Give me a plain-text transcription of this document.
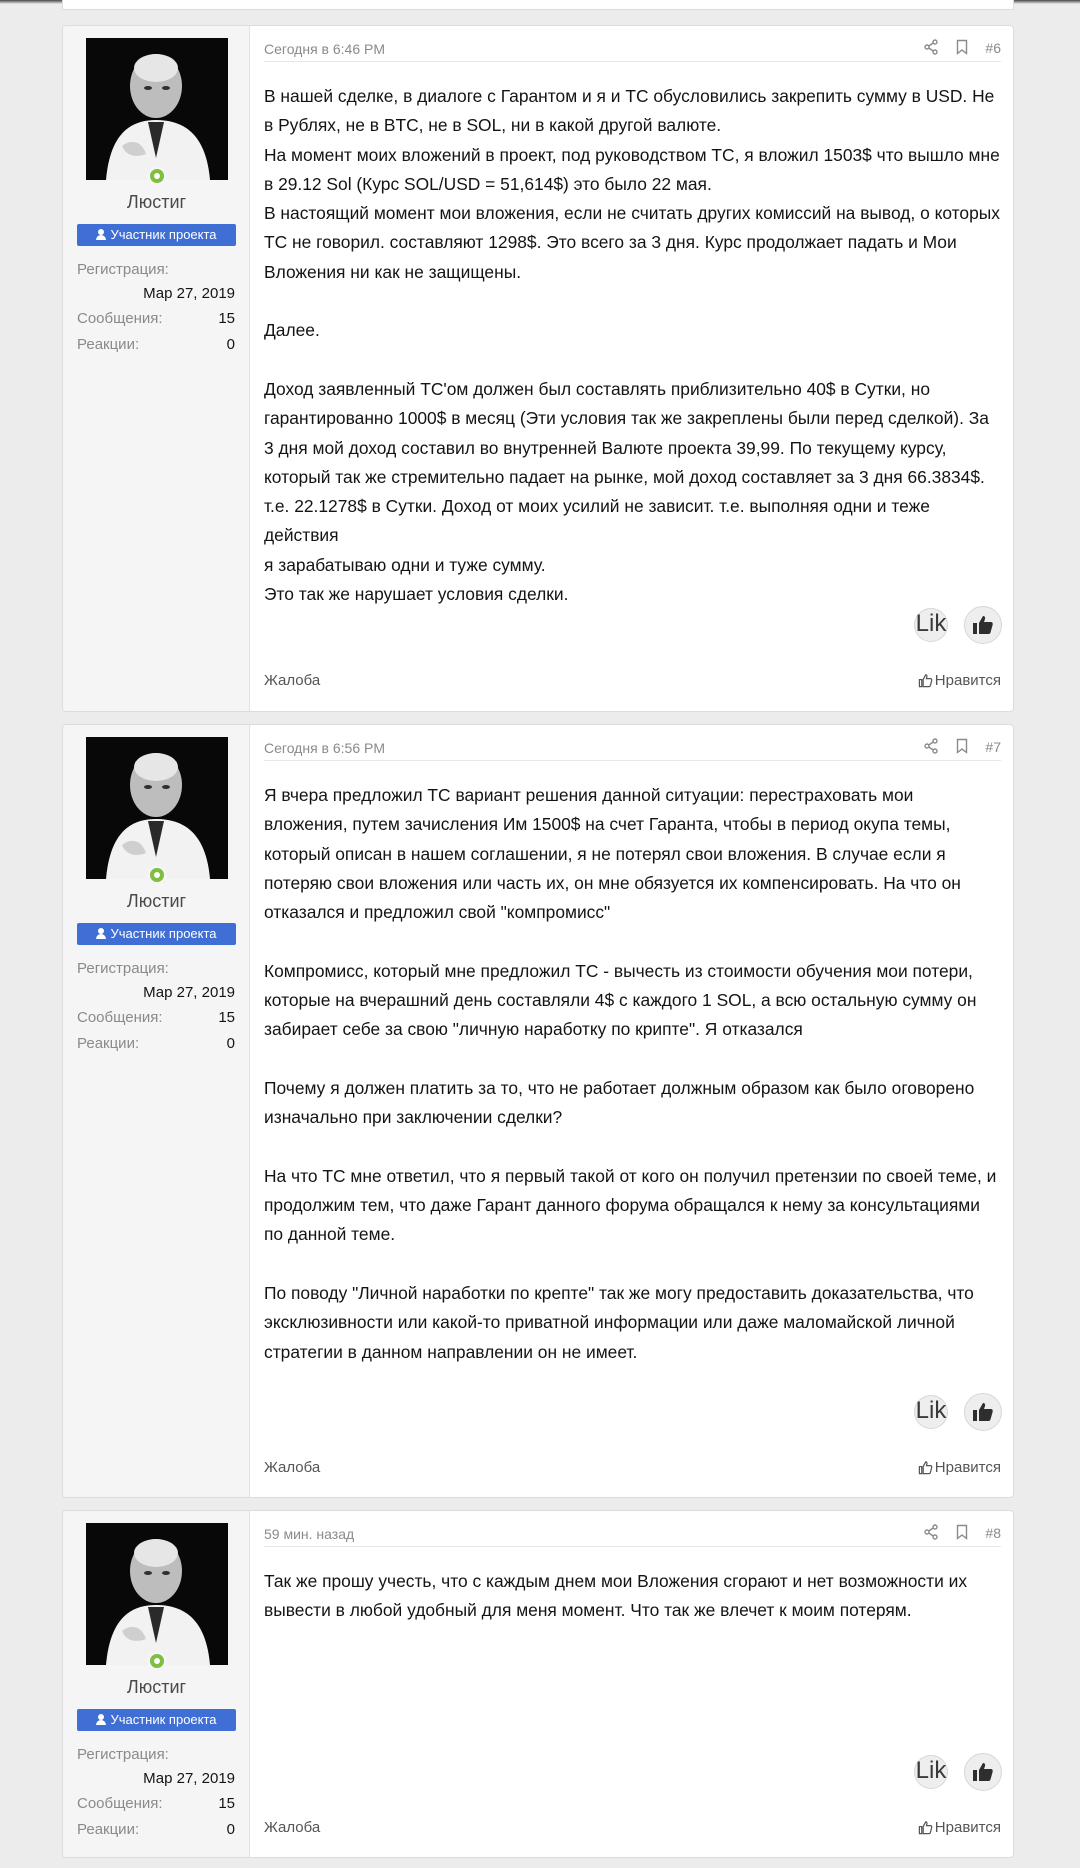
Люстиг
Участник проекта
Регистрация:
Мар 27, 2019
Сообщения:	15
Реакции:	0
Сегодня в 6:46 PM	#6

В нашей сделке, в диалоге с Гарантом и я и ТС обусловились закрепить сумму в USD. Не в Рублях, не в BTC, не в SOL, ни в какой другой валюте.

На момент моих вложений в проект, под руководством ТС, я вложил 1503$ что вышло мне в 29.12 Sol (Курс SOL/USD = 51,614$) это было 22 мая.

В настоящий момент мои вложения, если не считать других комиссий на вывод, о которых ТС не говорил. составляют 1298$. Это всего за 3 дня. Курс продолжает падать и Мои Вложения ни как не защищены.

Далее.

Доход заявленный ТС'ом должен был составлять приблизительно 40$ в Сутки, но гарантированно 1000$ в месяц (Эти условия так же закреплены были перед сделкой). За 3 дня мой доход составил во внутренней Валюте проекта 39,99. По текущему курсу, который так же стремительно падает на рынке, мой доход составляет за 3 дня 66.3834$. т.е. 22.1278$ в Сутки. Доход от моих усилий не зависит. т.е. выполняя одни и теже действия

я зарабатываю одни и туже сумму.

Это так же нарушает условия сделки.

Lik
Жалоба	Нравится
Люстиг
Участник проекта
Регистрация:
Мар 27, 2019
Сообщения:	15
Реакции:	0
Сегодня в 6:56 PM	#7

Я вчера предложил ТС вариант решения данной ситуации: перестраховать мои вложения, путем зачисления Им 1500$ на счет Гаранта, чтобы в период окупа темы, который описан в нашем соглашении, я не потерял свои вложения. В случае если я потеряю свои вложения или часть их, он мне обязуется их компенсировать. На что он отказался и предложил свой "компромисс"

Компромисс, который мне предложил ТС - вычесть из стоимости обучения мои потери, которые на вчерашний день составляли 4$ с каждого 1 SOL, а всю остальную сумму он забирает себе за свою "личную наработку по крипте". Я отказался

Почему я должен платить за то, что не работает должным образом как было оговорено изначально при заключении сделки?

На что ТС мне ответил, что я первый такой от кого он получил претензии по своей теме, и продолжим тем, что даже Гарант данного форума обращался к нему за консультациями по данной теме.

По поводу "Личной наработки по крепте" так же могу предоставить доказательства, что эксклюзивности или какой-то приватной информации или даже маломайской личной стратегии в данном направлении он не имеет.

Lik
Жалоба	Нравится
Люстиг
Участник проекта
Регистрация:
Мар 27, 2019
Сообщения:	15
Реакции:	0
59 мин. назад	#8

Так же прошу учесть, что с каждым днем мои Вложения сгорают и нет возможности их вывести в любой удобный для меня момент. Что так же влечет к моим потерям.

Lik
Жалоба	Нравится
